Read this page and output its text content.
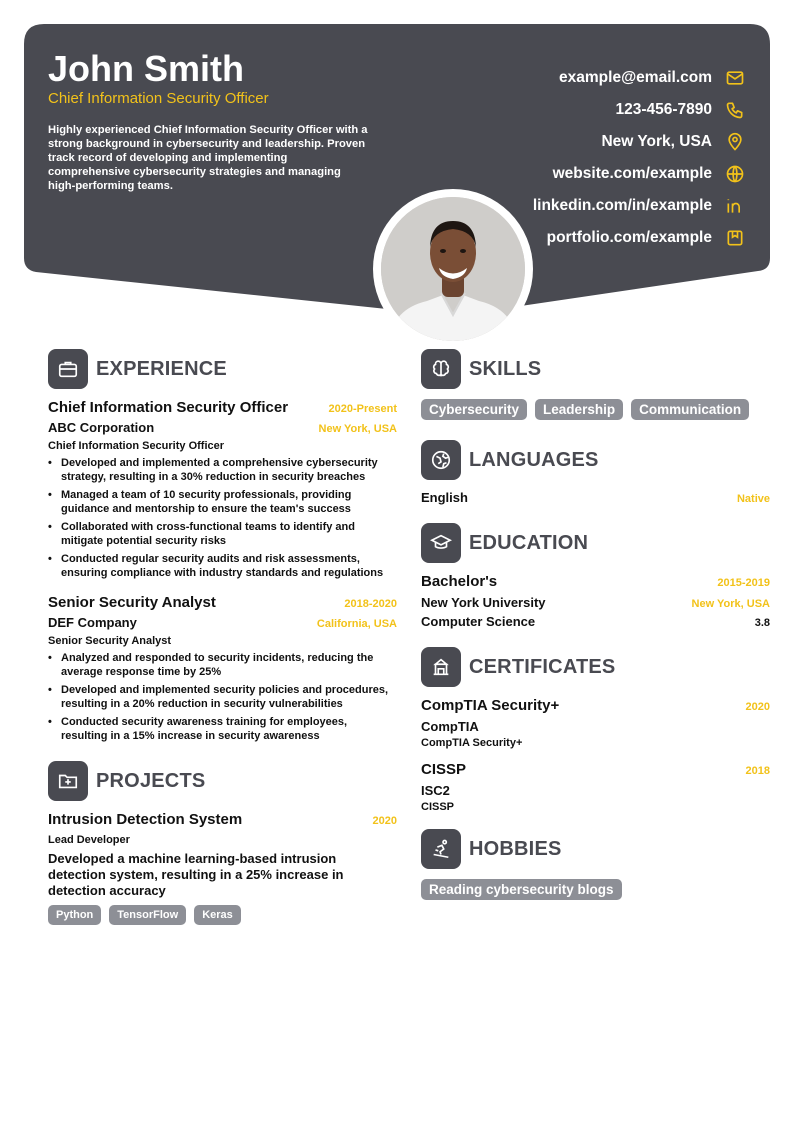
John Smith
Chief Information Security Officer
Highly experienced Chief Information Security Officer with a strong background in cybersecurity and leadership. Proven track record of developing and implementing comprehensive cybersecurity strategies and managing high-performing teams.
example@email.com
123-456-7890
New York, USA
website.com/example
linkedin.com/in/example
portfolio.com/example
EXPERIENCE
Chief Information Security Officer	2020-Present
ABC Corporation	New York, USA
Chief Information Security Officer
• Developed and implemented a comprehensive cybersecurity strategy, resulting in a 30% reduction in security breaches
• Managed a team of 10 security professionals, providing guidance and mentorship to ensure the team's success
• Collaborated with cross-functional teams to identify and mitigate potential security risks
• Conducted regular security audits and risk assessments, ensuring compliance with industry standards and regulations
Senior Security Analyst	2018-2020
DEF Company	California, USA
Senior Security Analyst
• Analyzed and responded to security incidents, reducing the average response time by 25%
• Developed and implemented security policies and procedures, resulting in a 20% reduction in security vulnerabilities
• Conducted security awareness training for employees, resulting in a 15% increase in security awareness
PROJECTS
Intrusion Detection System	2020
Lead Developer
Developed a machine learning-based intrusion detection system, resulting in a 25% increase in detection accuracy
Python	TensorFlow	Keras
SKILLS
Cybersecurity	Leadership	Communication
LANGUAGES
English	Native
EDUCATION
Bachelor's	2015-2019
New York University	New York, USA
Computer Science	3.8
CERTIFICATES
CompTIA Security+	2020
CompTIA
CompTIA Security+
CISSP	2018
ISC2
CISSP
HOBBIES
Reading cybersecurity blogs
